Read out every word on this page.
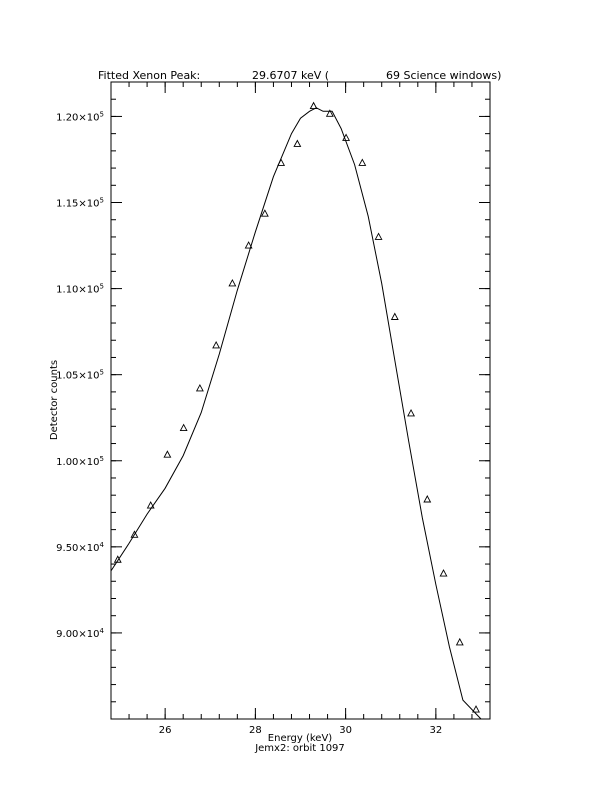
Fitted Xenon Peak:	29.6707 keV (	69 Science windows)
26	28	30	32
$9.00\times 10^4$
$9.50\times 10^4$
$1.00\times 10^5$
$1.05\times 10^5$
$1.10\times 10^5$
$1.15\times 10^5$
$1.20\times 10^5$
Energy (keV)
Jemx2: orbit 1097
Detector counts
